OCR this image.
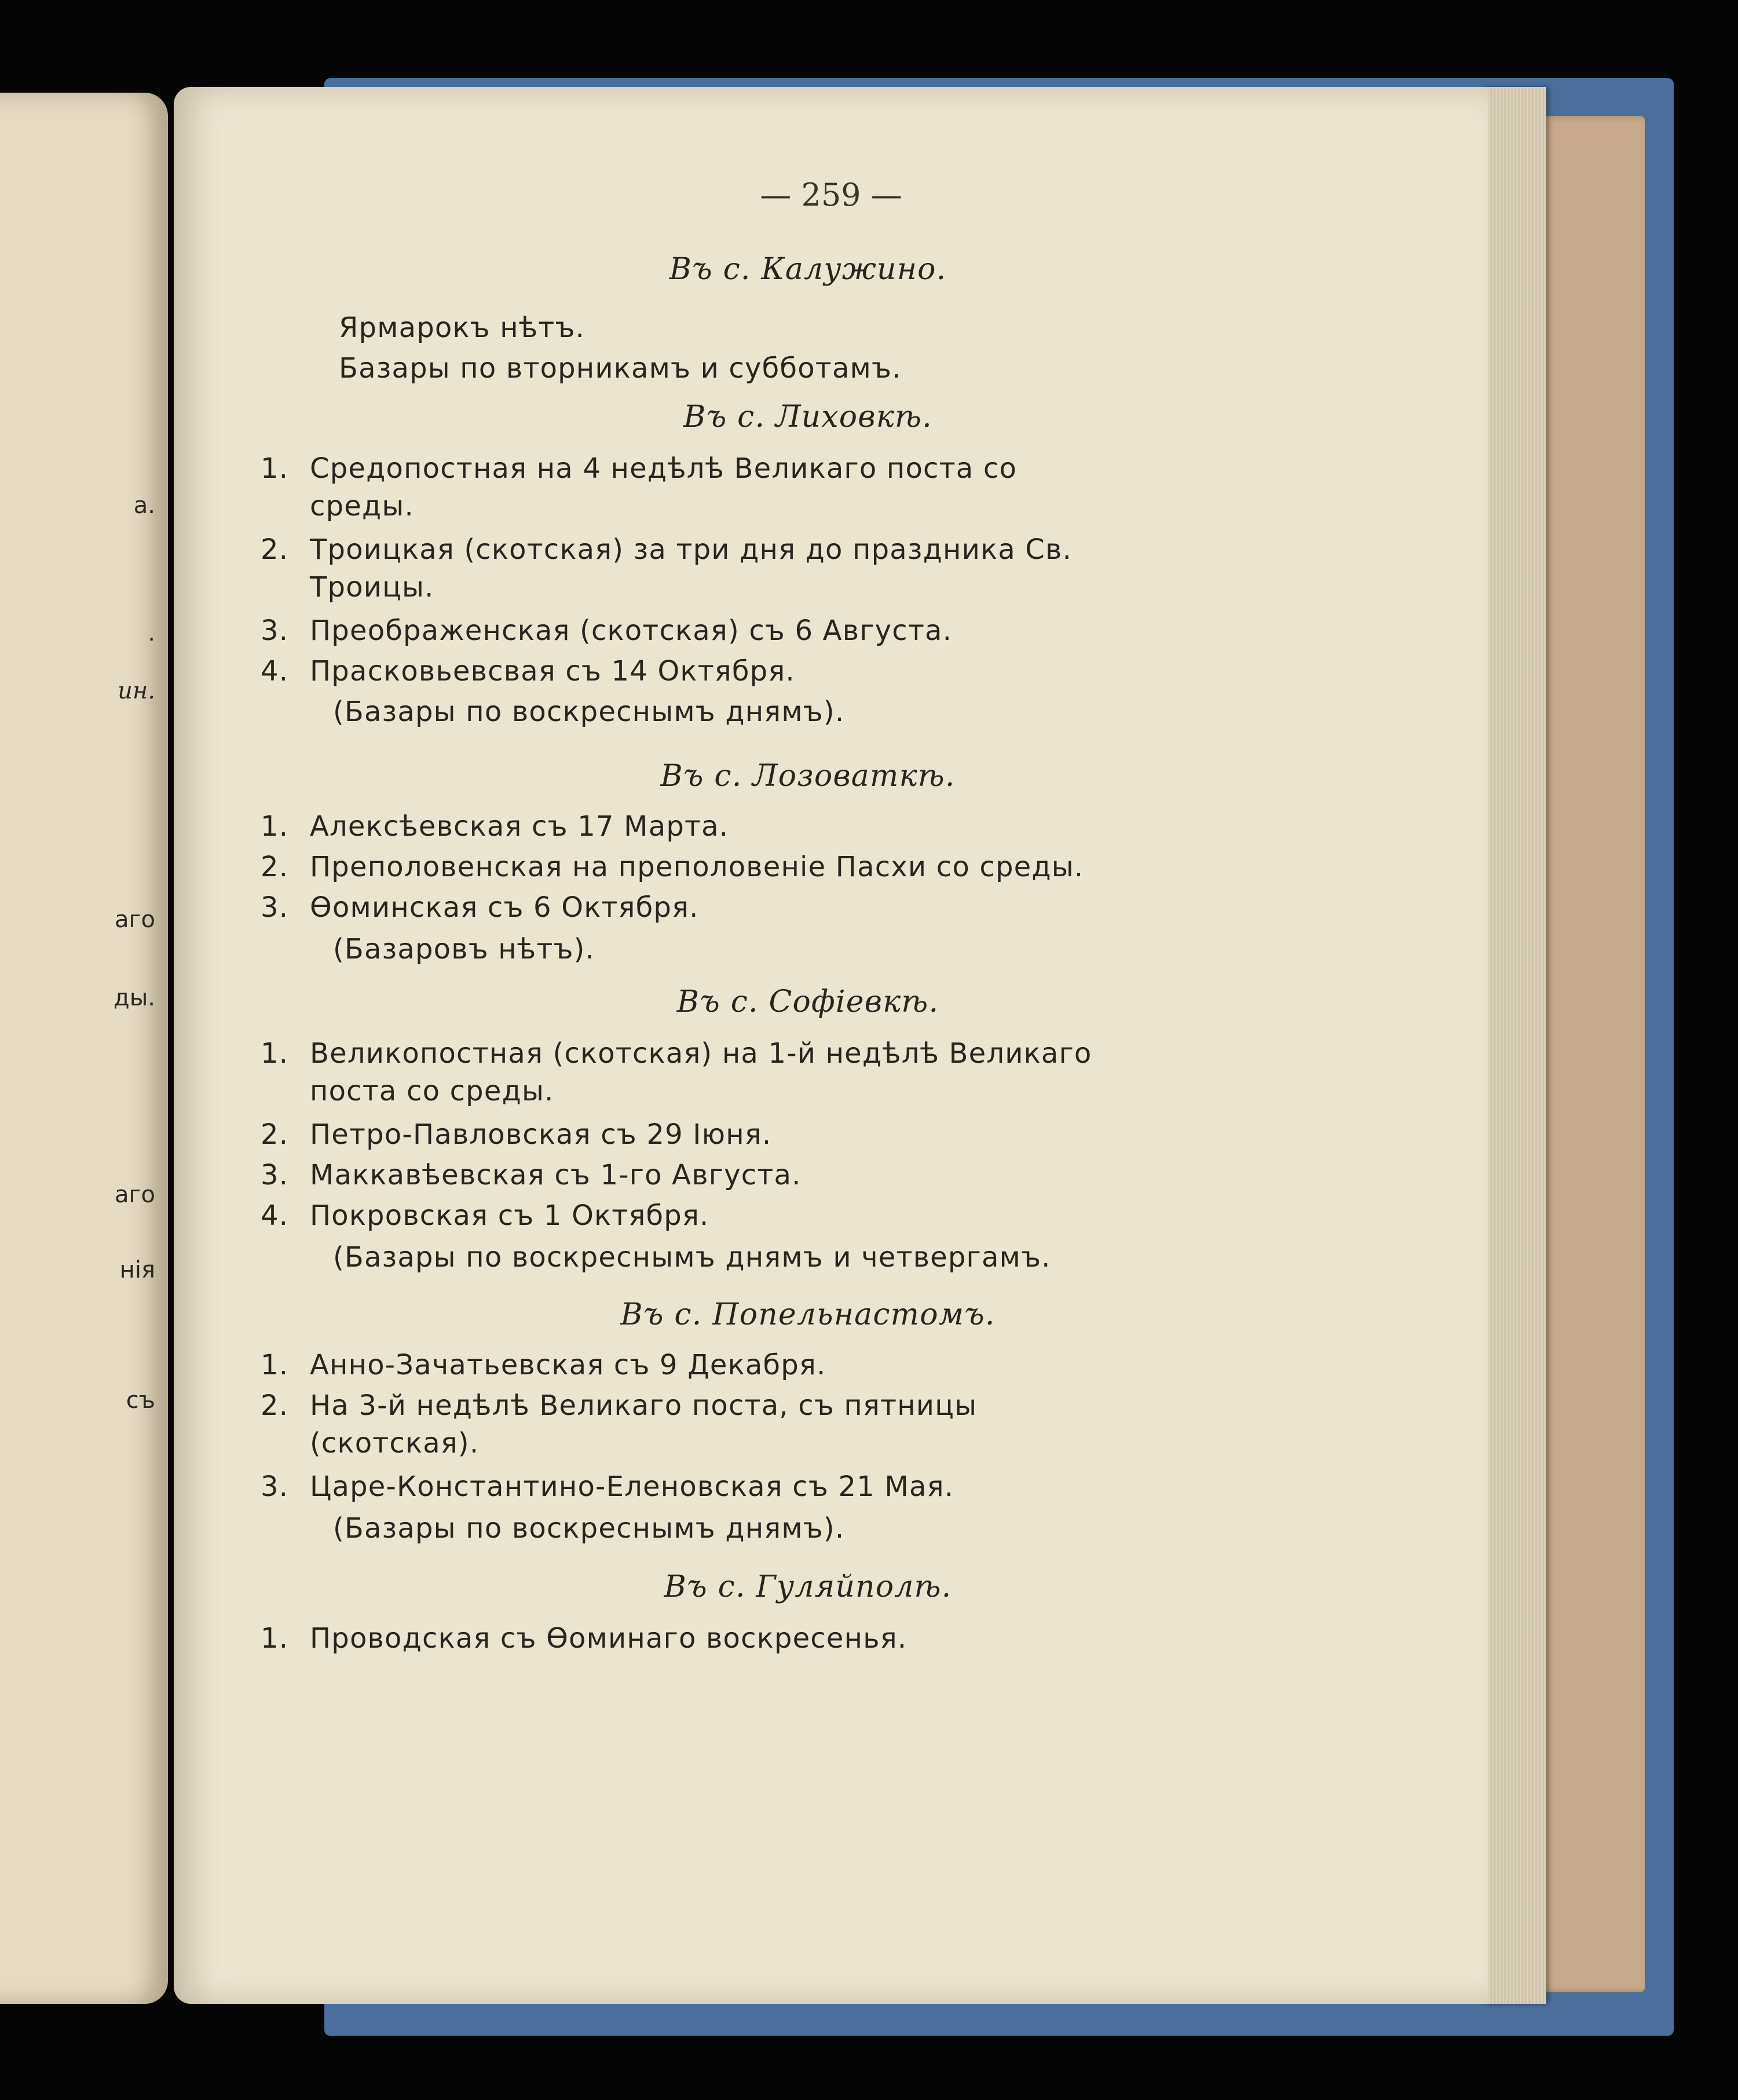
а.
.
ин.
аго
ды.
аго
нія
съ
— 259 —
Въ с. Калужино.
Ярмарокъ нѣтъ.
Базары по вторникамъ и субботамъ.
Въ с. Лиховкѣ.
1. Средопостная на 4 недѣлѣ Великаго поста со
среды.
2. Троицкая (скотская) за три дня до праздника Св.
Троицы.
3. Преображенская (скотская) съ 6 Августа.
4. Прасковьевсвая съ 14 Октября.
(Базары по воскреснымъ днямъ).
Въ с. Лозоваткѣ.
1. Алексѣевская съ 17 Марта.
2. Преполовенская на преполовеніе Пасхи со среды.
3. Ѳоминская съ 6 Октября.
(Базаровъ нѣтъ).
Въ с. Софіевкѣ.
1. Великопостная (скотская) на 1-й недѣлѣ Великаго
поста со среды.
2. Петро-Павловская съ 29 Іюня.
3. Маккавѣевская съ 1-го Августа.
4. Покровская съ 1 Октября.
(Базары по воскреснымъ днямъ и четвергамъ.
Въ с. Попельнастомъ.
1. Анно-Зачатьевская съ 9 Декабря.
2. На 3-й недѣлѣ Великаго поста, съ пятницы
(скотская).
3. Царе-Константино-Еленовская съ 21 Мая.
(Базары по воскреснымъ днямъ).
Въ с. Гуляйполѣ.
1. Проводская съ Ѳоминаго воскресенья.
